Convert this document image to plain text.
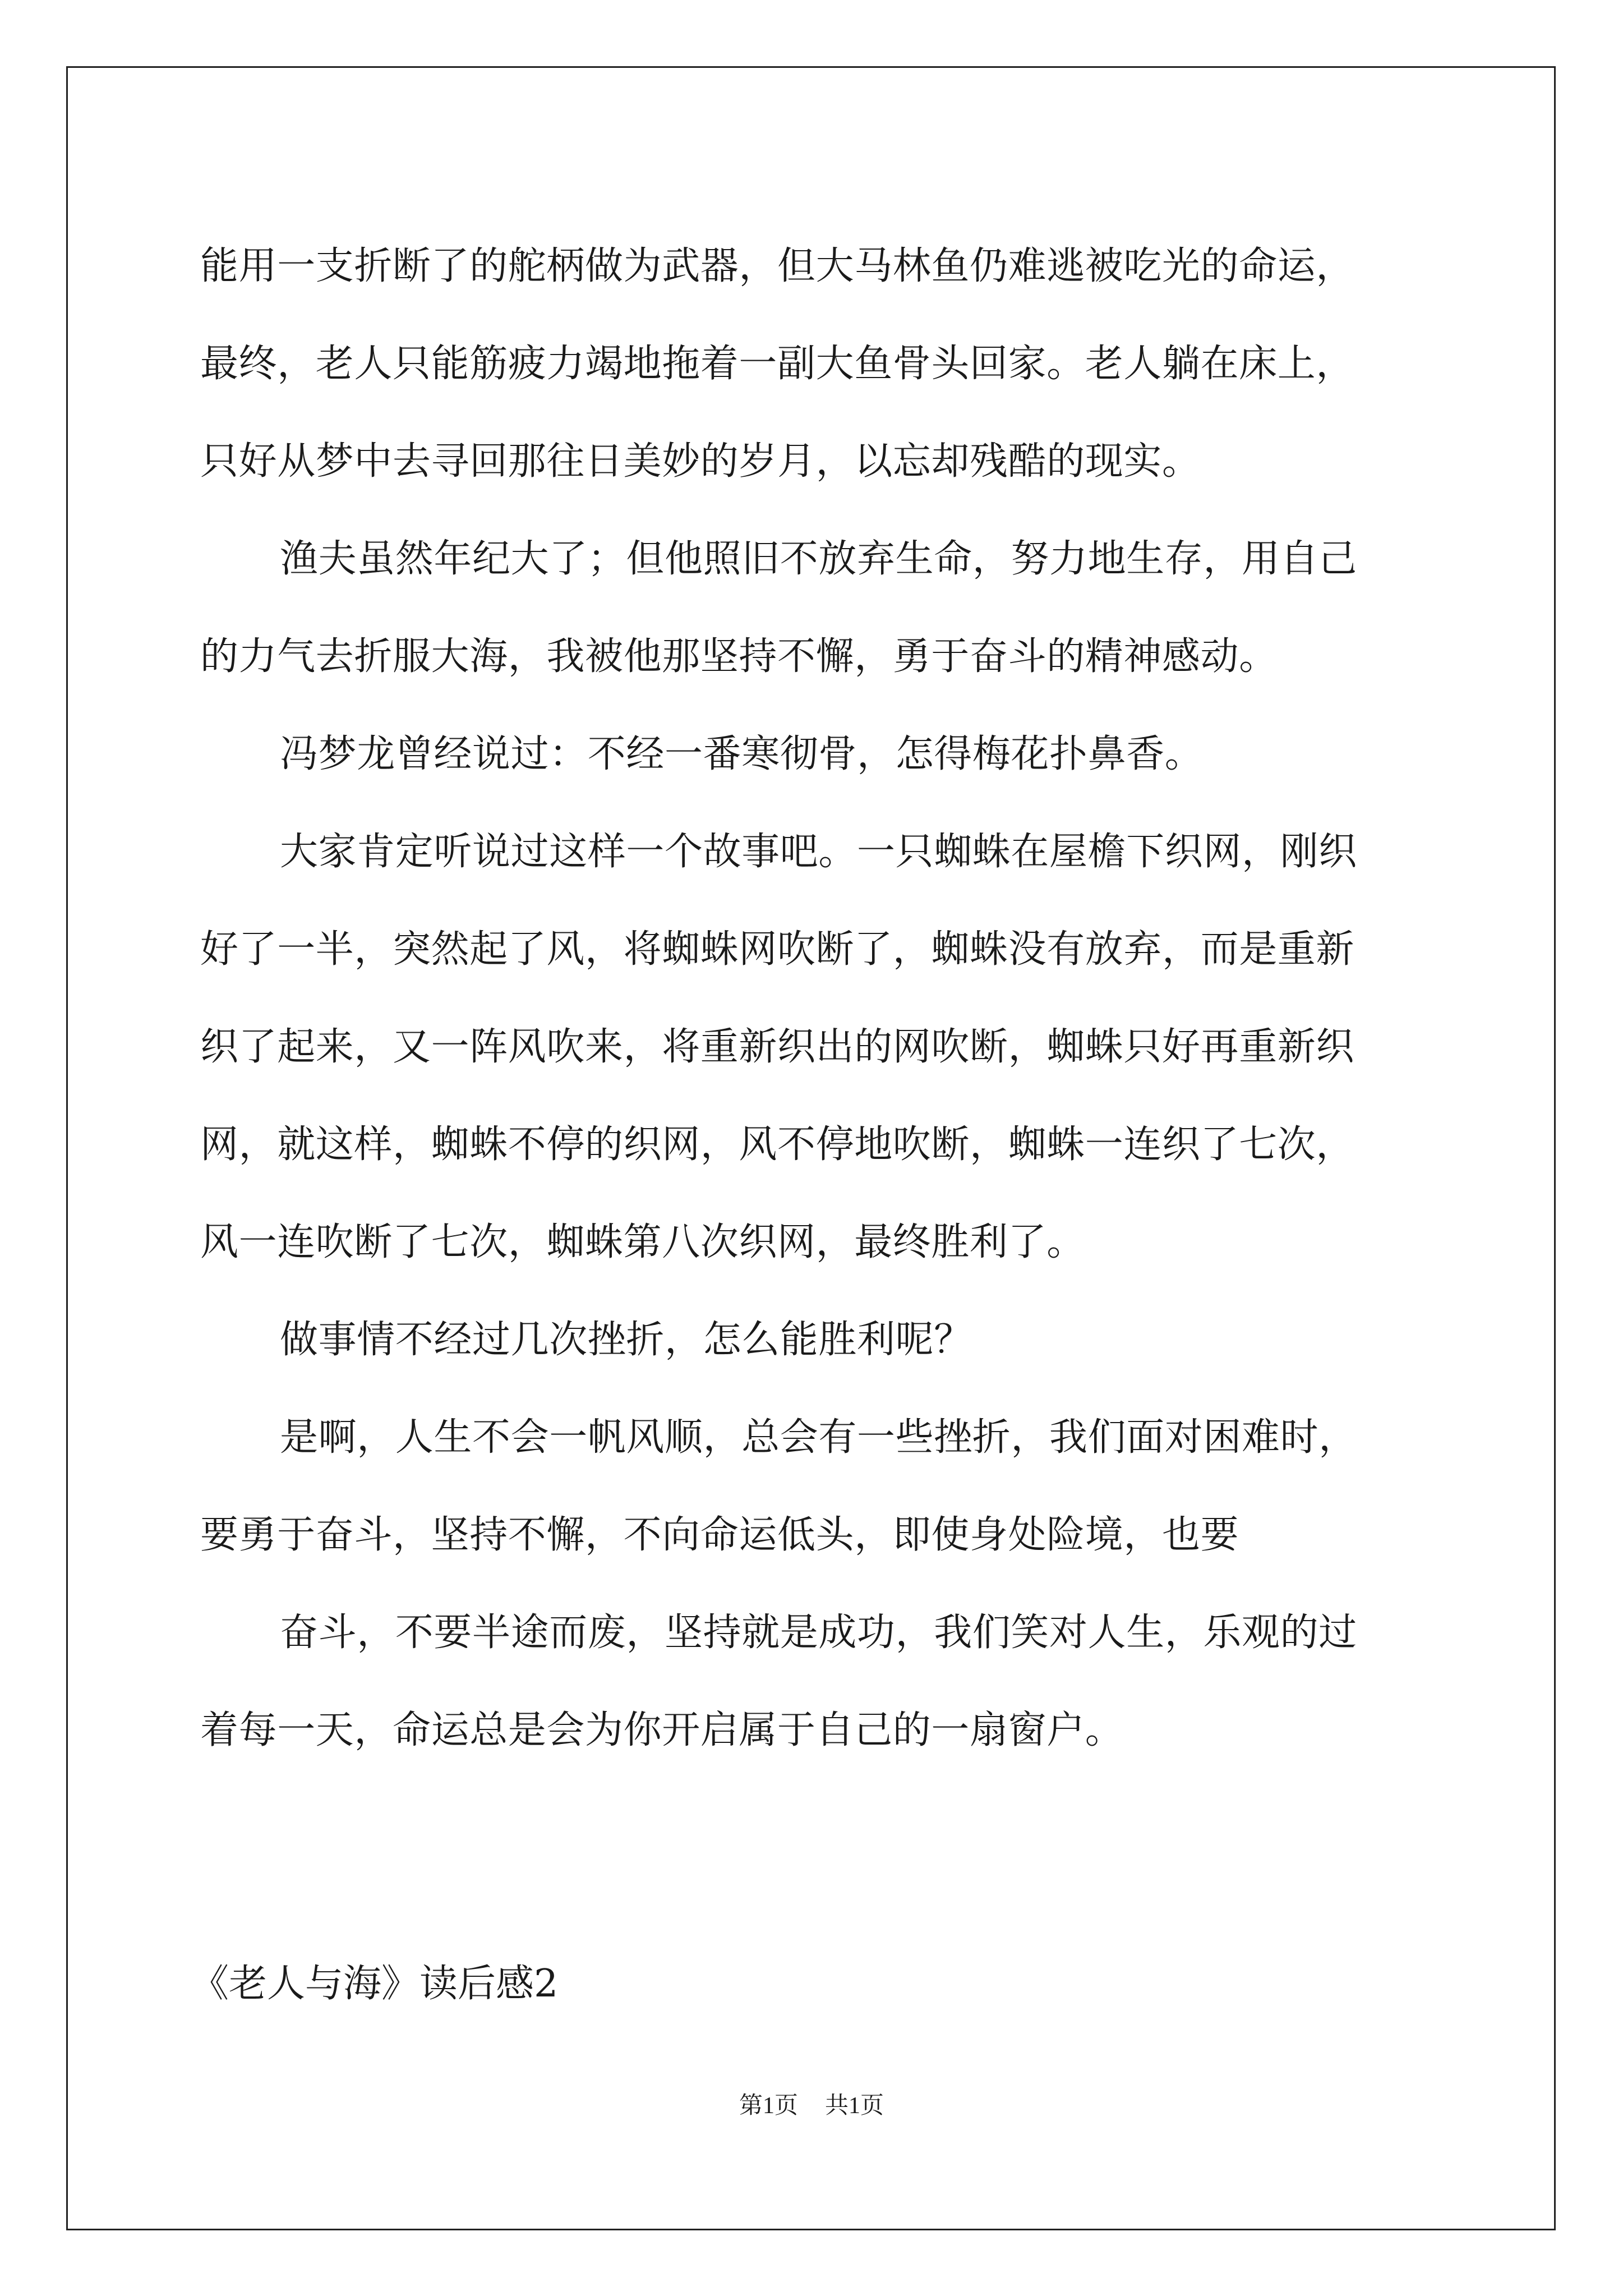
能用一支折断了的舵柄做为武器，但大马林鱼仍难逃被吃光的命运，
最终，老人只能筋疲力竭地拖着一副大鱼骨头回家。老人躺在床上，
只好从梦中去寻回那往日美妙的岁月，以忘却残酷的现实。
渔夫虽然年纪大了；但他照旧不放弃生命，努力地生存，用自己
的力气去折服大海，我被他那坚持不懈，勇于奋斗的精神感动。
冯梦龙曾经说过：不经一番寒彻骨，怎得梅花扑鼻香。
大家肯定听说过这样一个故事吧。一只蜘蛛在屋檐下织网，刚织
好了一半，突然起了风，将蜘蛛网吹断了，蜘蛛没有放弃，而是重新
织了起来，又一阵风吹来，将重新织出的网吹断，蜘蛛只好再重新织
网，就这样，蜘蛛不停的织网，风不停地吹断，蜘蛛一连织了七次，
风一连吹断了七次，蜘蛛第八次织网，最终胜利了。
做事情不经过几次挫折，怎么能胜利呢？
是啊，人生不会一帆风顺，总会有一些挫折，我们面对困难时，
要勇于奋斗，坚持不懈，不向命运低头，即使身处险境，也要
奋斗，不要半途而废，坚持就是成功，我们笑对人生，乐观的过
着每一天，命运总是会为你开启属于自己的一扇窗户。
《老人与海》读后感2
第1页 共1页
